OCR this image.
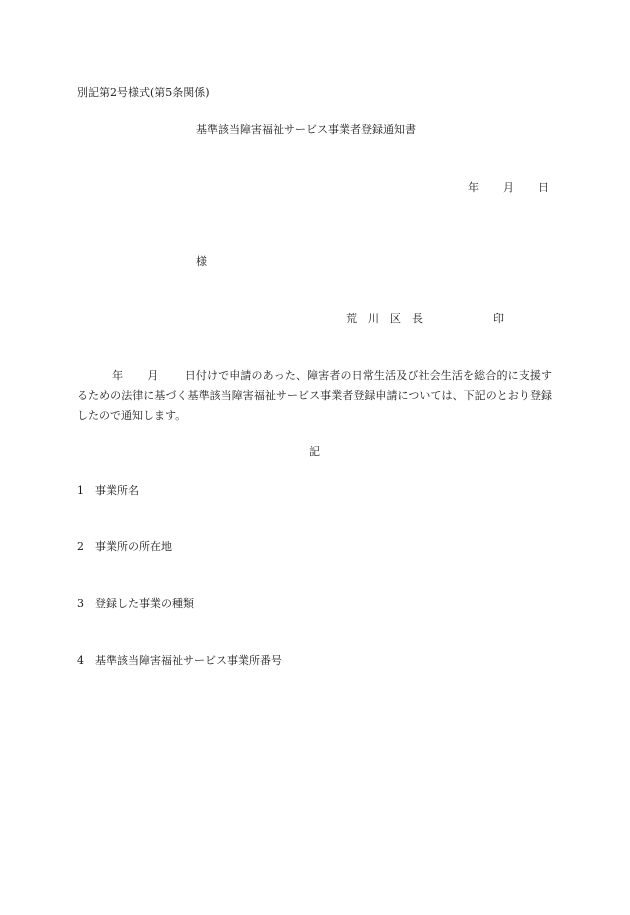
別記第2号様式(第5条関係)
基準該当障害福祉サービス事業者登録通知書
年 月 日
様
荒　川　区　長	印
年 月 日付けで申請のあった、障害者の日常生活及び社会生活を総合的に支援するための法律に基づく基準該当障害福祉サービス事業者登録申請については、下記のとおり登録したので通知します。
記
1 事業所名
2 事業所の所在地
3 登録した事業の種類
4 基準該当障害福祉サービス事業所番号
